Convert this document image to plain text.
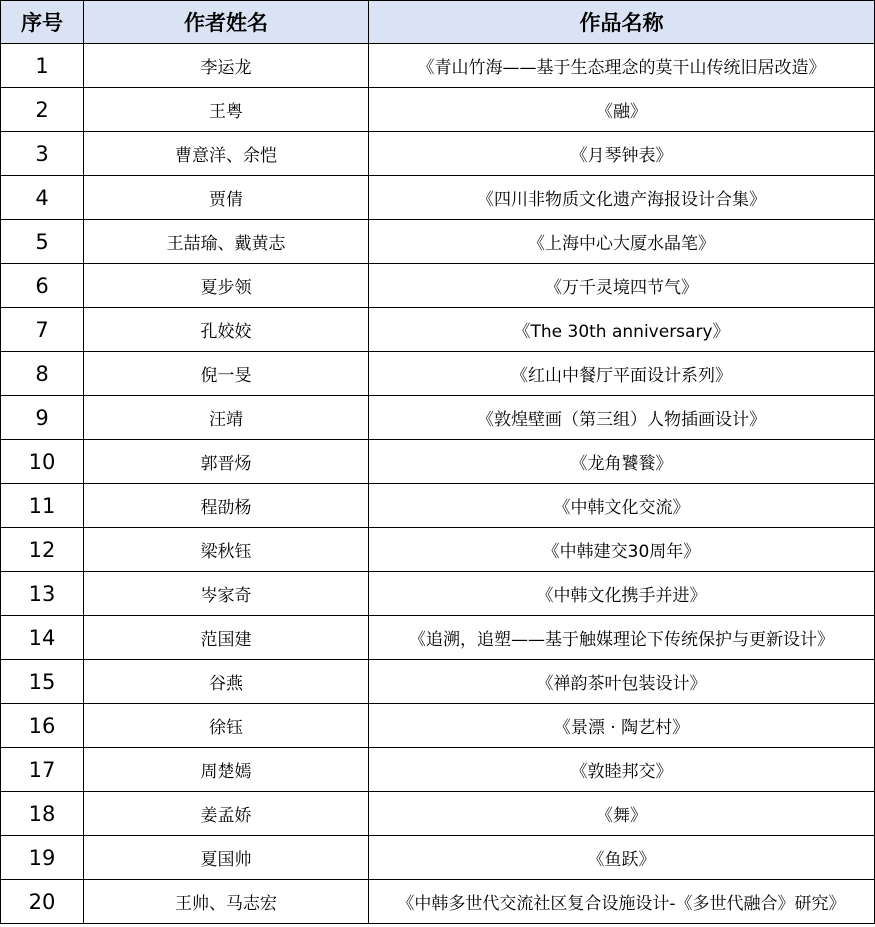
序号	作者姓名	作品名称
1	李运龙	《青山竹海——基于生态理念的莫干山传统旧居改造》
2	王粤	《融》
3	曹意洋、余恺	《月琴钟表》
4	贾倩	《四川非物质文化遗产海报设计合集》
5	王喆瑜、戴黄志	《上海中心大厦水晶笔》
6	夏步领	《万千灵境四节气》
7	孔姣姣	《The 30th anniversary》
8	倪一旻	《红山中餐厅平面设计系列》
9	汪靖	《敦煌壁画（第三组）人物插画设计》
10	郭晋炀	《龙角饕餮》
11	程劭杨	《中韩文化交流》
12	梁秋钰	《中韩建交30周年》
13	岑家奇	《中韩文化携手并进》
14	范国建	《追溯，追塑——基于触媒理论下传统保护与更新设计》
15	谷燕	《禅韵茶叶包装设计》
16	徐钰	《景漂 · 陶艺村》
17	周楚嫣	《敦睦邦交》
18	姜孟娇	《舞》
19	夏国帅	《鱼跃》
20	王帅、马志宏	《中韩多世代交流社区复合设施设计-《多世代融合》研究》
